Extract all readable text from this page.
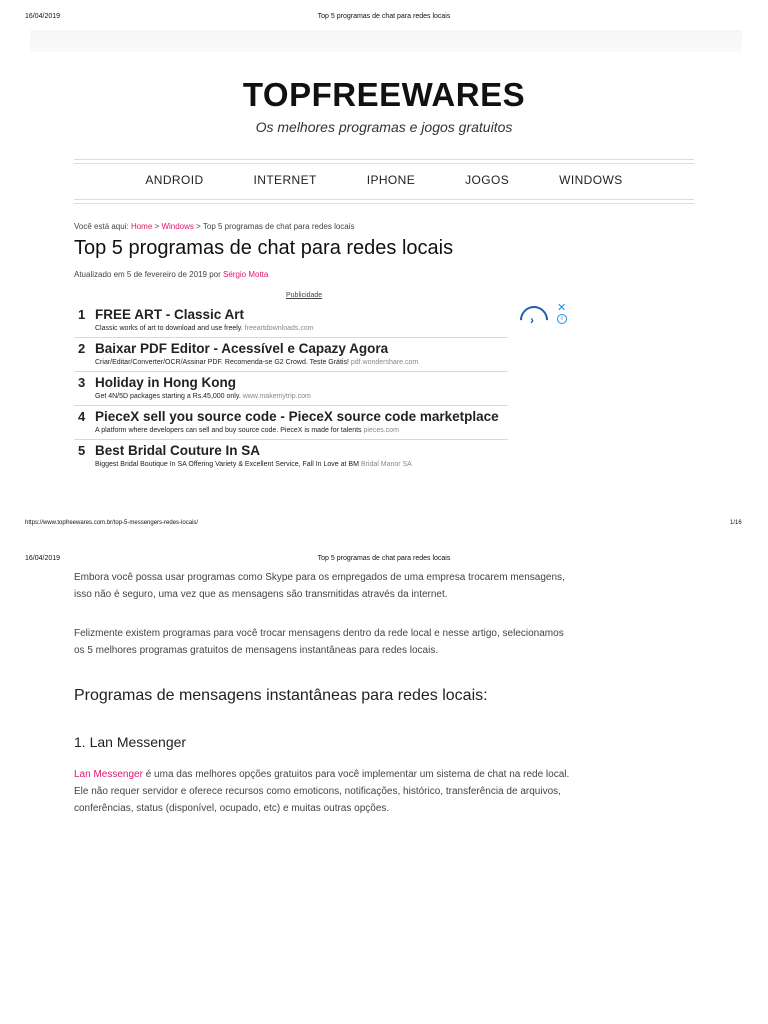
16/04/2019	Top 5 programas de chat para redes locais
TOPFREEWARES
Os melhores programas e jogos gratuitos
ANDROID	INTERNET	IPHONE	JOGOS	WINDOWS
Você está aqui: Home > Windows > Top 5 programas de chat para redes locais
Top 5 programas de chat para redes locais
Atualizado em 5 de fevereiro de 2019 por Sérgio Motta
Publicidade
1 FREE ART - Classic Art
Classic works of art to download and use freely. freeartdownloads.com
2 Baixar PDF Editor - Acessível e Capazy Agora
Criar/Editar/Converter/OCR/Assinar PDF. Recomenda-se G2 Crowd. Teste Grátis! pdf.wondershare.com
3 Holiday in Hong Kong
Get 4N/5D packages starting a Rs.45,000 only. www.makemytrip.com
4 PieceX sell you source code - PieceX source code marketplace
A platform where developers can sell and buy source code. PieceX is made for talents pieces.com
5 Best Bridal Couture In SA
Biggest Bridal Boutique In SA Offering Variety & Excellent Service, Fall In Love at BM Bridal Manor SA
›
✕
i
https://www.topfreewares.com.br/top-5-messengers-redes-locais/	1/16
16/04/2019	Top 5 programas de chat para redes locais
Embora você possa usar programas como Skype para os empregados de uma empresa trocarem mensagens, isso não é seguro, uma vez que as mensagens são transmitidas através da internet.
Felizmente existem programas para você trocar mensagens dentro da rede local e nesse artigo, selecionamos os 5 melhores programas gratuitos de mensagens instantâneas para redes locais.
Programas de mensagens instantâneas para redes locais:
1. Lan Messenger
Lan Messenger é uma das melhores opções gratuitos para você implementar um sistema de chat na rede local. Ele não requer servidor e oferece recursos como emoticons, notificações, histórico, transferência de arquivos, conferências, status (disponível, ocupado, etc) e muitas outras opções.
